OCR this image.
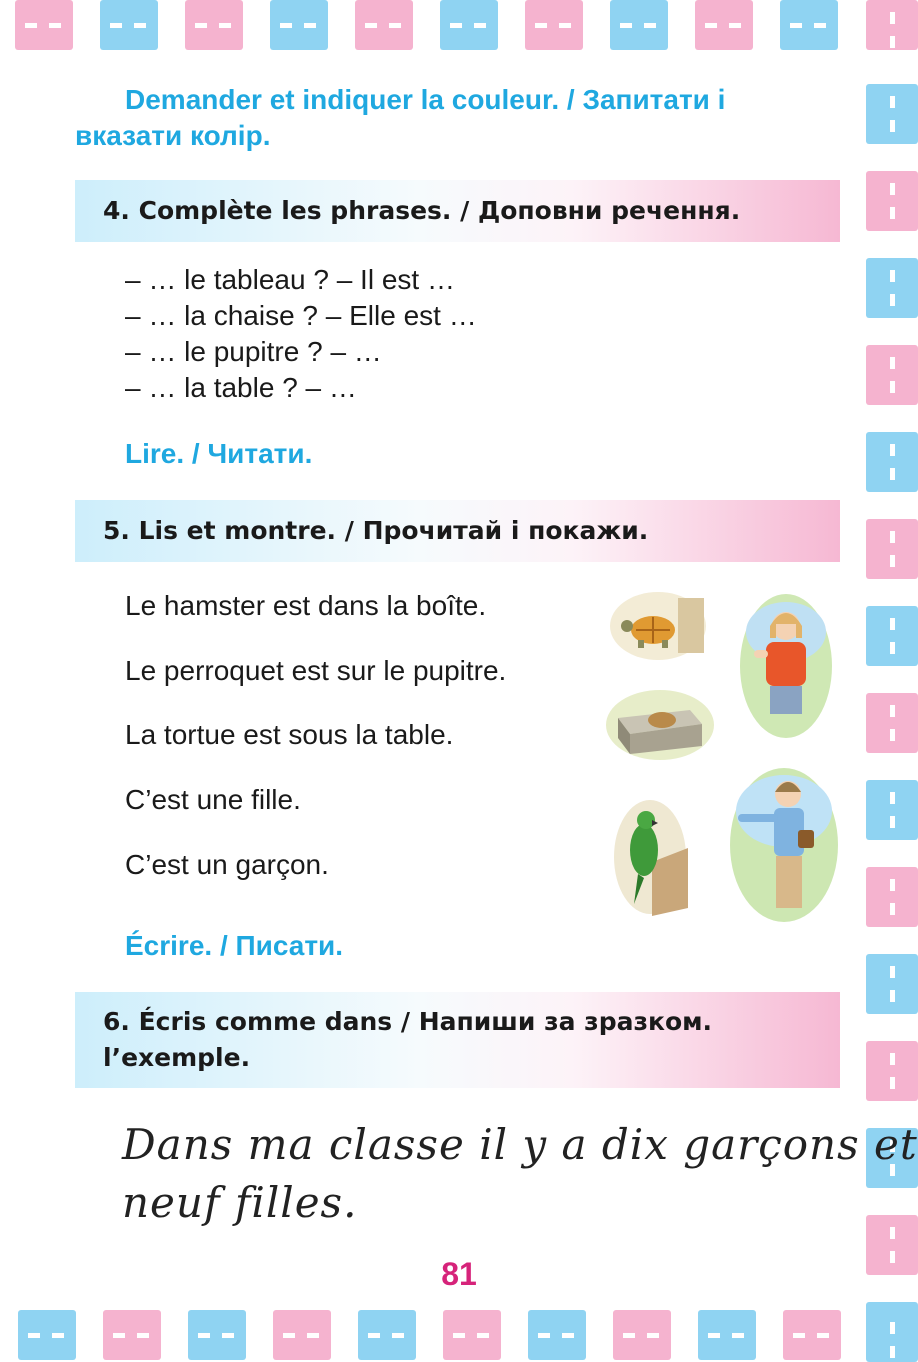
Demander et indiquer la couleur. / Запитати і вказати колір.
4. Complète les phrases. / Доповни речення.
– … le tableau ? – Il est …
– … la chaise ? – Elle est …
– … le pupitre ? – …
– … la table ? – …
Lire. / Читати.
5. Lis et montre. / Прочитай і покажи.
Le hamster est dans la boîte.
Le perroquet est sur le pupitre.
La tortue est sous la table.
C’est une fille.
C’est un garçon.
Écrire. / Писати.
6. Écris comme dans / Напиши за зразком.
l’exemple.
Dans ma classe il y a dix garçons et
neuf filles.
81
